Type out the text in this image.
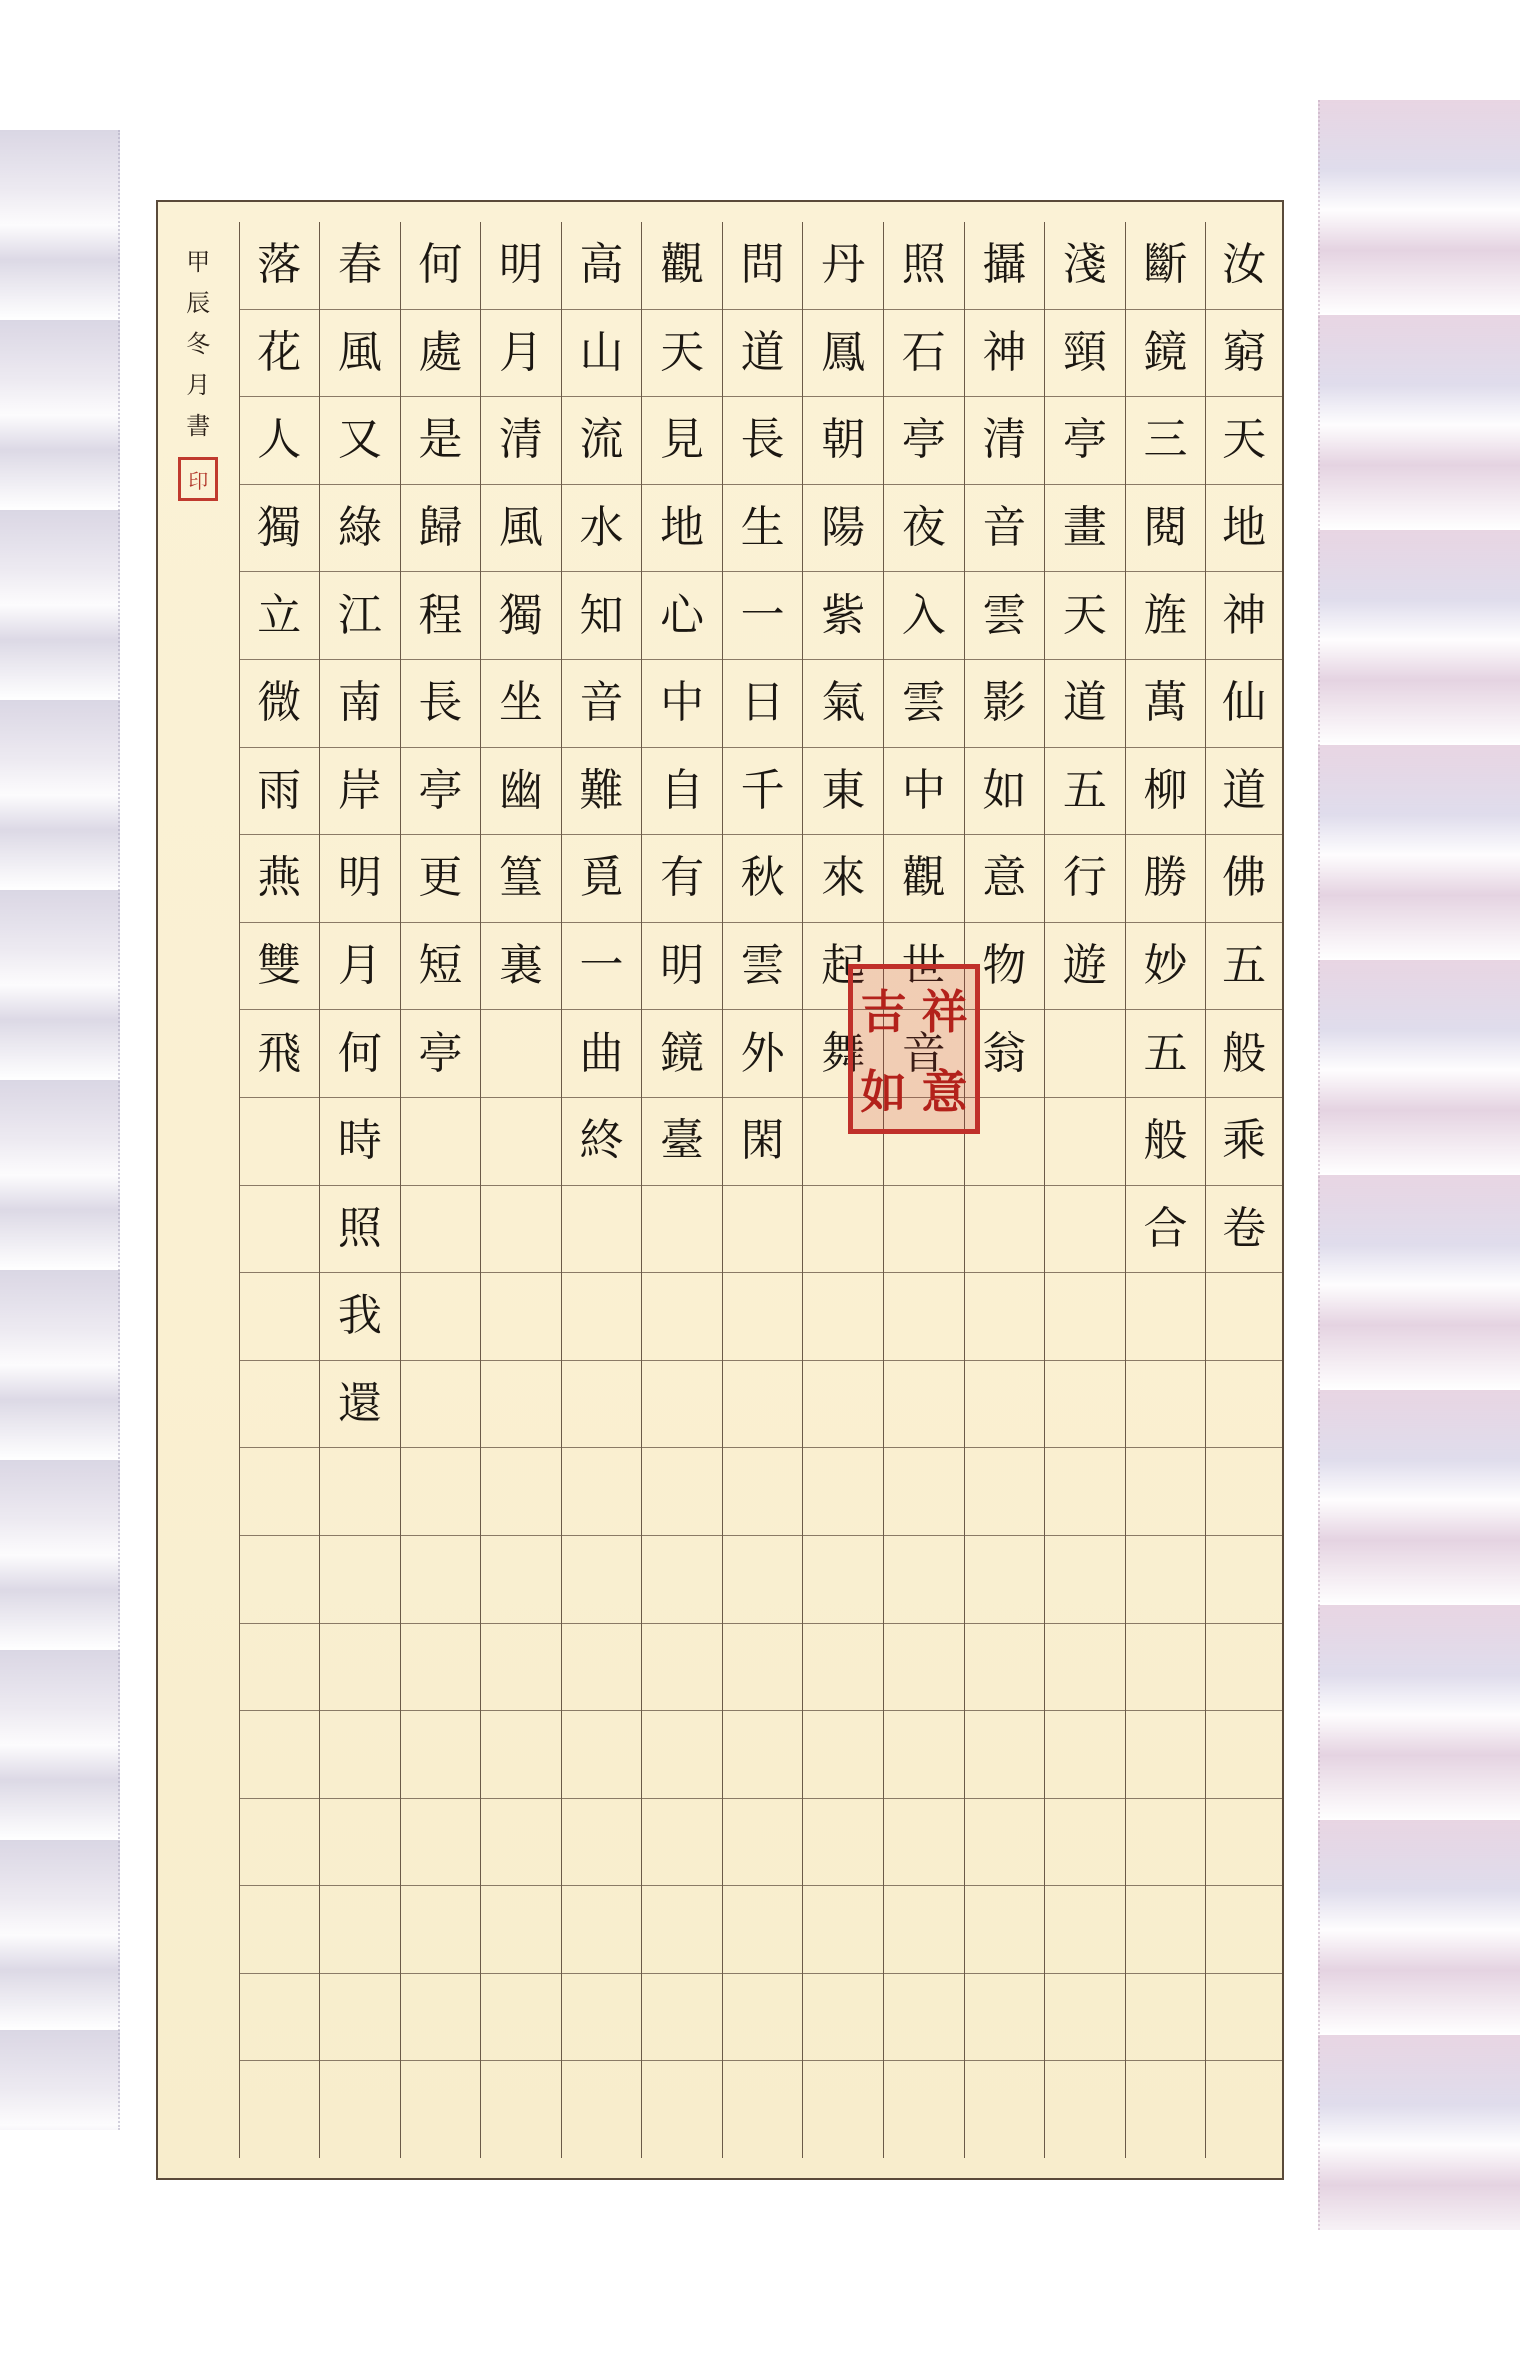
汝
窮
天
地
神
仙
道
佛
五
般
乘
卷
斷
鏡
三
閱
旌
萬
柳
勝
妙
五
般
合
淺
頸
亭
畫
天
道
五
行
遊
攝
神
清
音
雲
影
如
意
物
翁
照
石
亭
夜
入
雲
中
觀
世
音
丹
鳳
朝
陽
紫
氣
東
來
起
舞
問
道
長
生
一
日
千
秋
雲
外
閑
觀
天
見
地
心
中
自
有
明
鏡
臺
高
山
流
水
知
音
難
覓
一
曲
終
明
月
清
風
獨
坐
幽
篁
裏
何
處
是
歸
程
長
亭
更
短
亭
春
風
又
綠
江
南
岸
明
月
何
時
照
我
還
落
花
人
獨
立
微
雨
燕
雙
飛
甲
辰
冬
月
書
印
吉 祥
如 意
